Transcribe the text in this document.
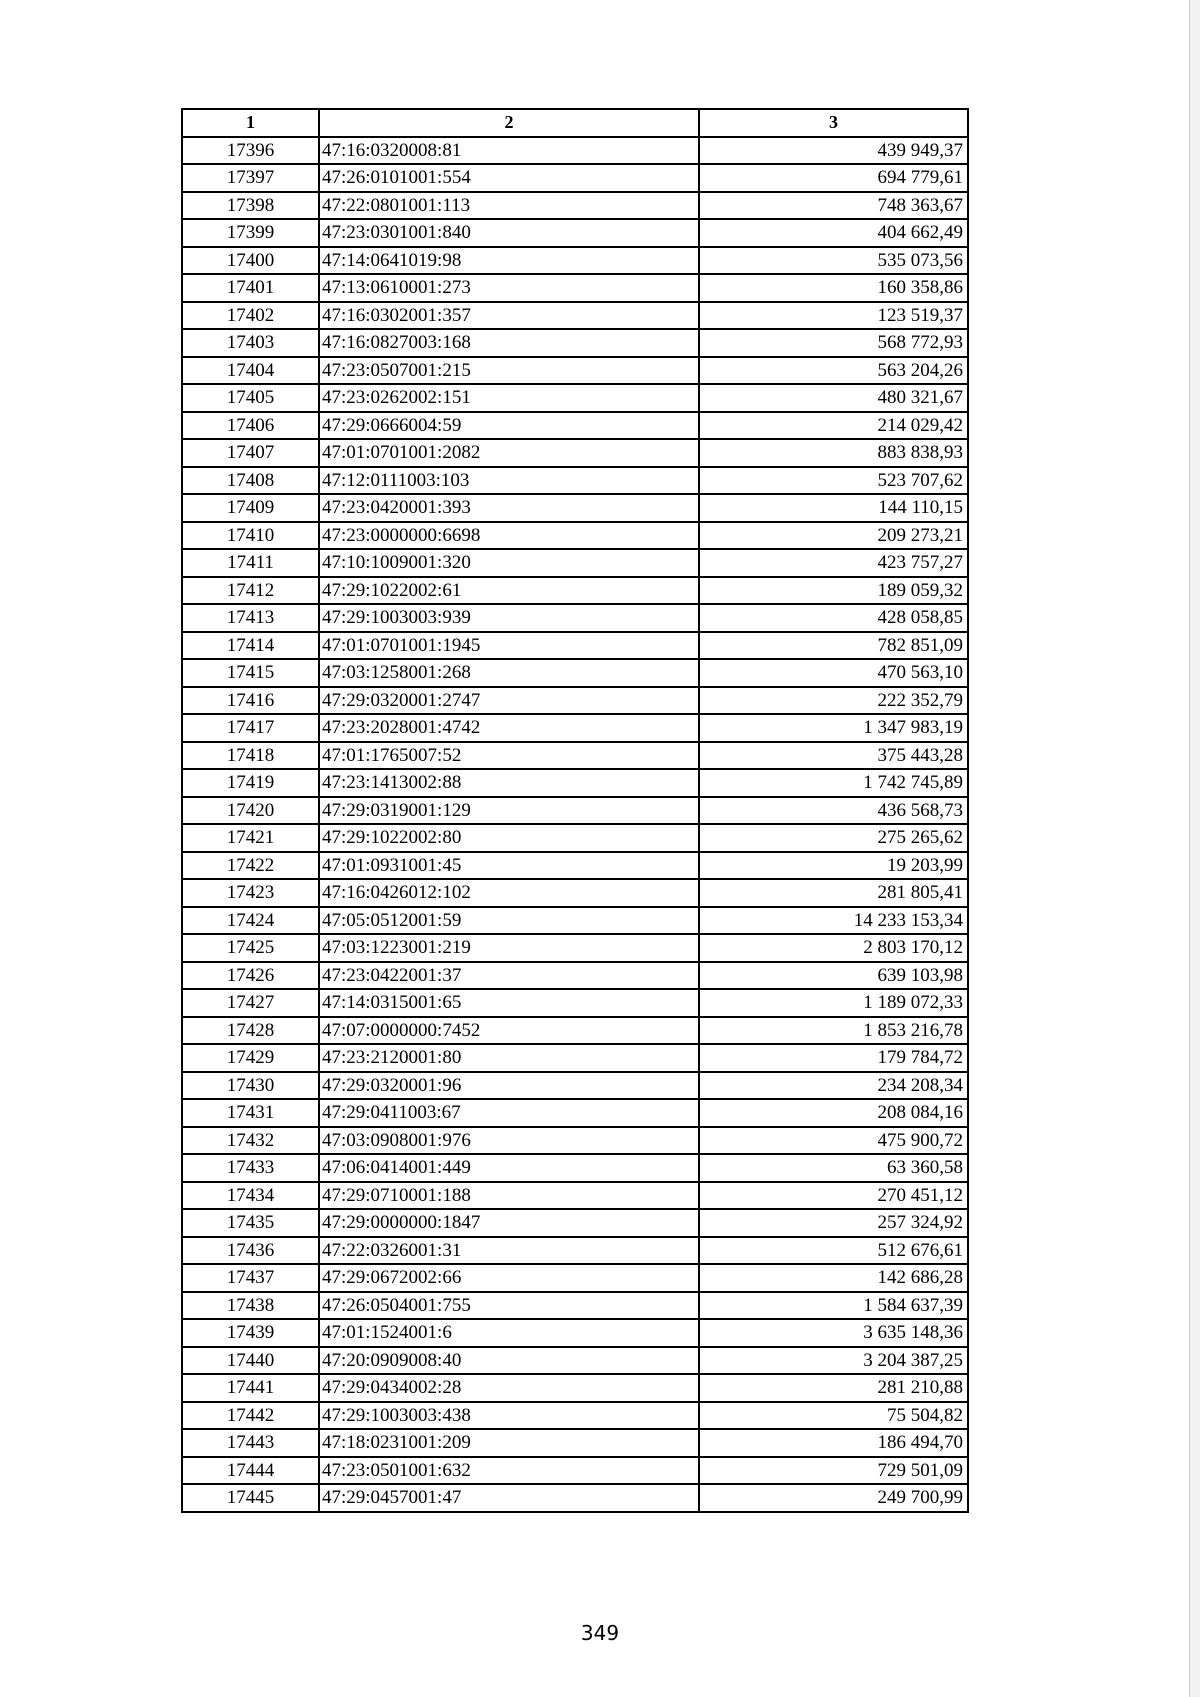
1	2	3
17396	47:16:0320008:81	439 949,37
17397	47:26:0101001:554	694 779,61
17398	47:22:0801001:113	748 363,67
17399	47:23:0301001:840	404 662,49
17400	47:14:0641019:98	535 073,56
17401	47:13:0610001:273	160 358,86
17402	47:16:0302001:357	123 519,37
17403	47:16:0827003:168	568 772,93
17404	47:23:0507001:215	563 204,26
17405	47:23:0262002:151	480 321,67
17406	47:29:0666004:59	214 029,42
17407	47:01:0701001:2082	883 838,93
17408	47:12:0111003:103	523 707,62
17409	47:23:0420001:393	144 110,15
17410	47:23:0000000:6698	209 273,21
17411	47:10:1009001:320	423 757,27
17412	47:29:1022002:61	189 059,32
17413	47:29:1003003:939	428 058,85
17414	47:01:0701001:1945	782 851,09
17415	47:03:1258001:268	470 563,10
17416	47:29:0320001:2747	222 352,79
17417	47:23:2028001:4742	1 347 983,19
17418	47:01:1765007:52	375 443,28
17419	47:23:1413002:88	1 742 745,89
17420	47:29:0319001:129	436 568,73
17421	47:29:1022002:80	275 265,62
17422	47:01:0931001:45	19 203,99
17423	47:16:0426012:102	281 805,41
17424	47:05:0512001:59	14 233 153,34
17425	47:03:1223001:219	2 803 170,12
17426	47:23:0422001:37	639 103,98
17427	47:14:0315001:65	1 189 072,33
17428	47:07:0000000:7452	1 853 216,78
17429	47:23:2120001:80	179 784,72
17430	47:29:0320001:96	234 208,34
17431	47:29:0411003:67	208 084,16
17432	47:03:0908001:976	475 900,72
17433	47:06:0414001:449	63 360,58
17434	47:29:0710001:188	270 451,12
17435	47:29:0000000:1847	257 324,92
17436	47:22:0326001:31	512 676,61
17437	47:29:0672002:66	142 686,28
17438	47:26:0504001:755	1 584 637,39
17439	47:01:1524001:6	3 635 148,36
17440	47:20:0909008:40	3 204 387,25
17441	47:29:0434002:28	281 210,88
17442	47:29:1003003:438	75 504,82
17443	47:18:0231001:209	186 494,70
17444	47:23:0501001:632	729 501,09
17445	47:29:0457001:47	249 700,99
349
